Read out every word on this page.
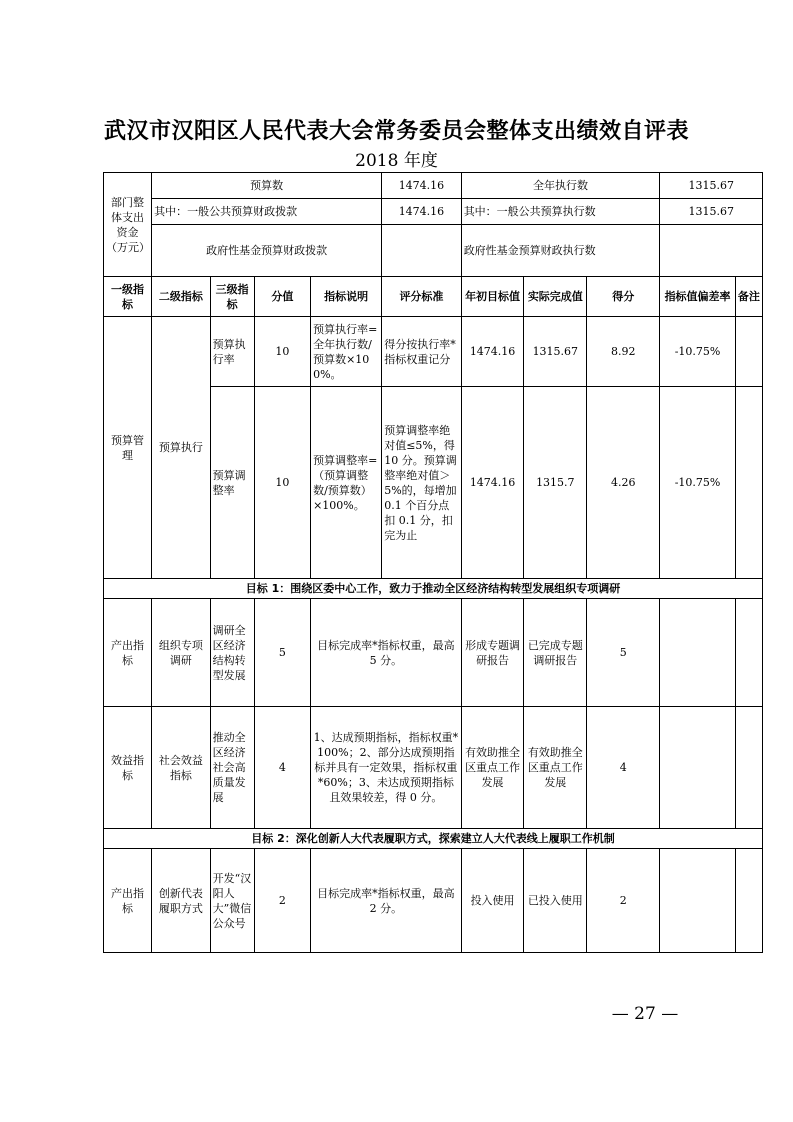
武汉市汉阳区人民代表大会常务委员会整体支出绩效自评表
2018 年度
部门整体支出资金（万元）	预算数				1474.16	全年执行数			1315.67	
	其中：一般公共预算财政拨款				1474.16	其中：一般公共预算执行数			1315.67	
	政府性基金预算财政拨款					政府性基金预算财政执行数				
一级指标	二级指标	三级指标	分值	指标说明	评分标准	年初目标值	实际完成值	得分	指标值偏差率	备注
预算管理	预算执行	预算执行率	10	预算执行率=全年执行数/预算数×100%。	得分按执行率*指标权重记分	1474.16	1315.67	8.92	-10.75%	
		预算调整率	10	预算调整率=（预算调整数/预算数）×100%。	预算调整率绝对值≤5%，得 10 分。预算调整率绝对值＞5%的，每增加 0.1 个百分点扣 0.1 分，扣完为止	1474.16	1315.7	4.26	-10.75%	
目标 1：围绕区委中心工作，致力于推动全区经济结构转型发展组织专项调研										
产出指标	组织专项调研	调研全区经济结构转型发展	5	目标完成率*指标权重，最高 5 分。		形成专题调研报告	已完成专题调研报告	5		
效益指标	社会效益指标	推动全区经济社会高质量发展	4	1、达成预期指标，指标权重*100%；2、部分达成预期指标并具有一定效果，指标权重*60%；3、未达成预期指标且效果较差，得 0 分。		有效助推全区重点工作发展	有效助推全区重点工作发展	4		
目标 2：深化创新人大代表履职方式，探索建立人大代表线上履职工作机制										
产出指标	创新代表履职方式	开发“汉阳人大”微信公众号	2	目标完成率*指标权重，最高 2 分。		投入使用	已投入使用	2		
— 27 —
